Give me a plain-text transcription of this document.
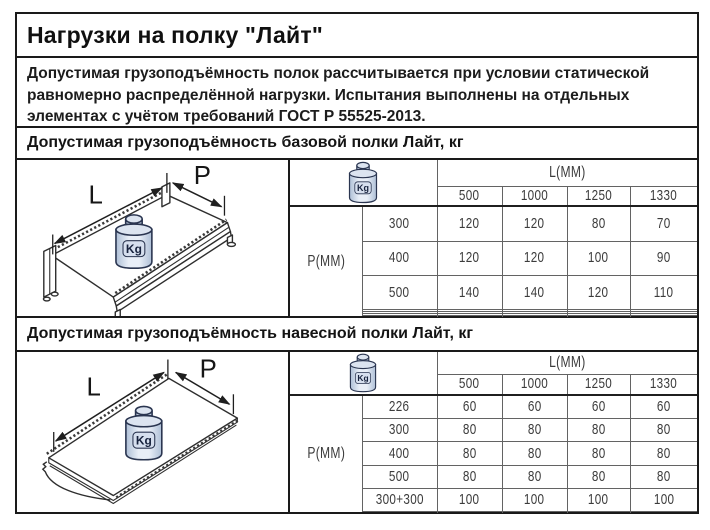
Нагрузки на полку "Лайт"
Допустимая грузоподъёмность полок рассчитывается при условии статической
равномерно распределённой нагрузки. Испытания выполнены на отдельных
элементах с учётом требований ГОСТ Р 55525-2013.
Допустимая грузоподъёмность базовой полки Лайт, кг
L
P
		L(MM)			
		500	1000	1250	1330
P(MM)	300	120	120	80	70
	400	120	120	100	90
	500	140	140	120	110

Допустимая грузоподъёмность навесной полки Лайт, кг
L
P
		L(MM)			
		500	1000	1250	1330
P(MM)	226	60	60	60	60
	300	80	80	80	80
	400	80	80	80	80
	500	80	80	80	80
	300+300	100	100	100	100
